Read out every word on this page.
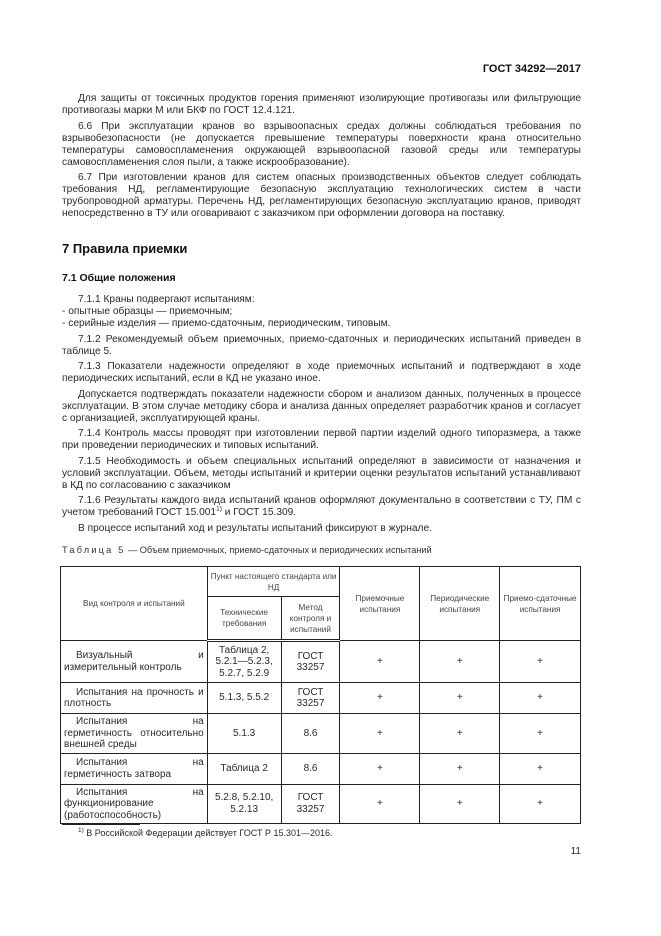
ГОСТ 34292—2017

Для защиты от токсичных продуктов горения применяют изолирующие противогазы или фильтрующие противогазы марки М или БКФ по ГОСТ 12.4.121.

6.6 При эксплуатации кранов во взрывоопасных средах должны соблюдаться требования по взрывобезопасности (не допускается превышение температуры поверхности крана относительно температуры самовоспламенения окружающей взрывоопасной газовой среды или температуры самовоспламенения слоя пыли, а также искрообразование).

6.7 При изготовлении кранов для систем опасных производственных объектов следует соблюдать требования НД, регламентирующие безопасную эксплуатацию технологических систем в части трубопроводной арматуры. Перечень НД, регламентирующих безопасную эксплуатацию кранов, приводят непосредственно в ТУ или оговаривают с заказчиком при оформлении договора на поставку.

7 Правила приемки
7.1 Общие положения

7.1.1 Краны подвергают испытаниям:

- опытные образцы — приемочным;

- серийные изделия — приемо-сдаточным, периодическим, типовым.

7.1.2 Рекомендуемый объем приемочных, приемо-сдаточных и периодических испытаний приведен в таблице 5.

7.1.3 Показатели надежности определяют в ходе приемочных испытаний и подтверждают в ходе периодических испытаний, если в КД не указано иное.

Допускается подтверждать показатели надежности сбором и анализом данных, полученных в процессе эксплуатации. В этом случае методику сбора и анализа данных определяет разработчик кранов и согласует с организацией, эксплуатирующей краны.

7.1.4 Контроль массы проводят при изготовлении первой партии изделий одного типоразмера, а также при проведении периодических и типовых испытаний.

7.1.5 Необходимость и объем специальных испытаний определяют в зависимости от назначения и условий эксплуатации. Объем, методы испытаний и критерии оценки результатов испытаний устанавливают в КД по согласованию с заказчиком

7.1.6 Результаты каждого вида испытаний кранов оформляют документально в соответствии с ТУ, ПМ с учетом требований ГОСТ 15.001$^{1)}$ и ГОСТ 15.309.

В процессе испытаний ход и результаты испытаний фиксируют в журнале.

Таблица 5 — Объем приемочных, приемо-сдаточных и периодических испытаний
Вид контроля и испытаний	Пункт настоящего стандарта или НД		Приемочные испытания	Периодические испытания	Приемо-сдаточные испытания
	Технические требования	Метод контроля и испытаний			
Визуальный и измерительный контроль	Таблица 2, 5.2.1—5.2.3, 5.2.7, 5.2.9	ГОСТ 33257	+	+	+
Испытания на прочность и плотность	5.1.3, 5.5.2	ГОСТ 33257	+	+	+
Испытания на герметичность относительно внешней среды	5.1.3	8.6	+	+	+
Испытания на герметичность затвора	Таблица 2	8.6	+	+	+
Испытания на функционирование (работоспособность)	5.2.8, 5.2.10, 5.2.13	ГОСТ 33257	+	+	+
$^{1)}$ В Российской Федерации действует ГОСТ Р 15.301—2016.
11
